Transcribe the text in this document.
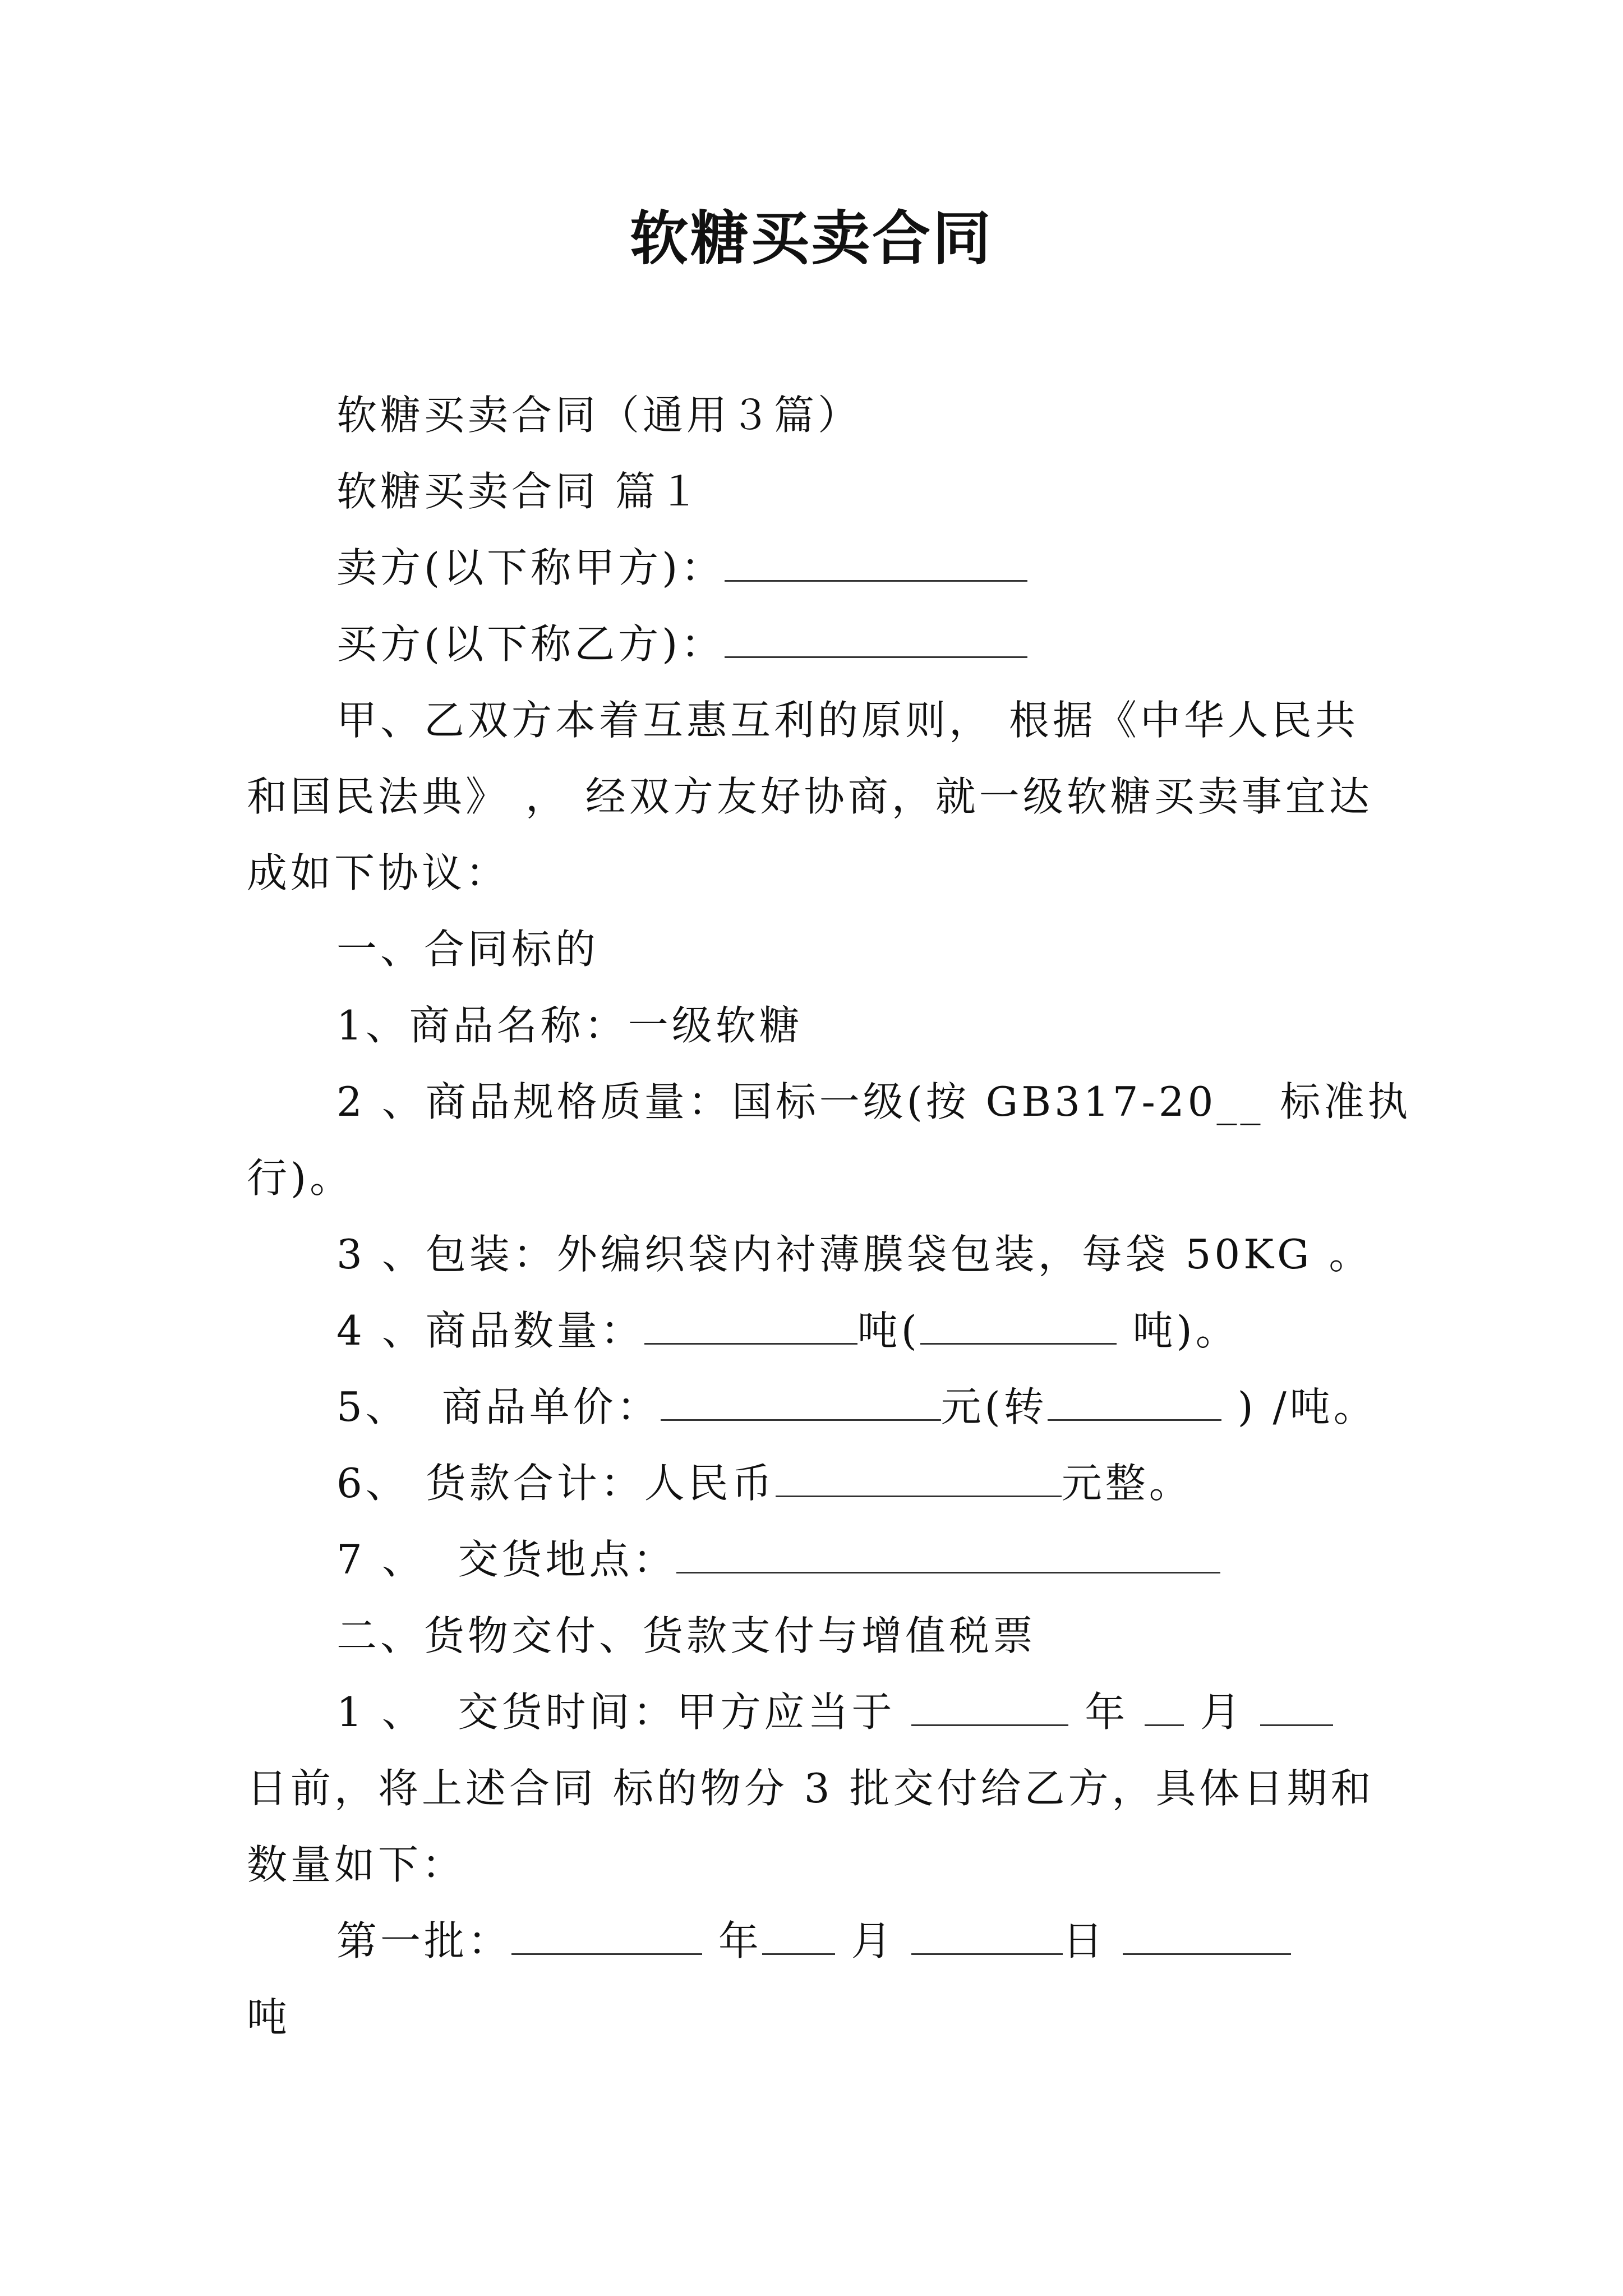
软糖买卖合同
软糖买卖合同（通用３篇）
软糖买卖合同 篇１
卖方(以下称甲方)：
买方(以下称乙方)：
甲、乙双方本着互惠互利的原则， 根据《中华人民共
和国民法典》 ， 经双方友好协商，就一级软糖买卖事宜达
成如下协议：
一、合同标的
1、商品名称：一级软糖
2 、商品规格质量：国标一级(按 GB317-20__ 标准执
行)。
3 、包装：外编织袋内衬薄膜袋包装，每袋 50KG 。
4 、商品数量：	吨(	吨)。
5、  商品单价：	元(转	) /吨。
6、 货款合计：人民币	元整。
7 、  交货地点：
二、货物交付、货款支付与增值税票
1 、  交货时间：甲方应当于	年  月
日前，将上述合同 标的物分 3 批交付给乙方，具体日期和
数量如下：
第一批：	年 月	日
吨
